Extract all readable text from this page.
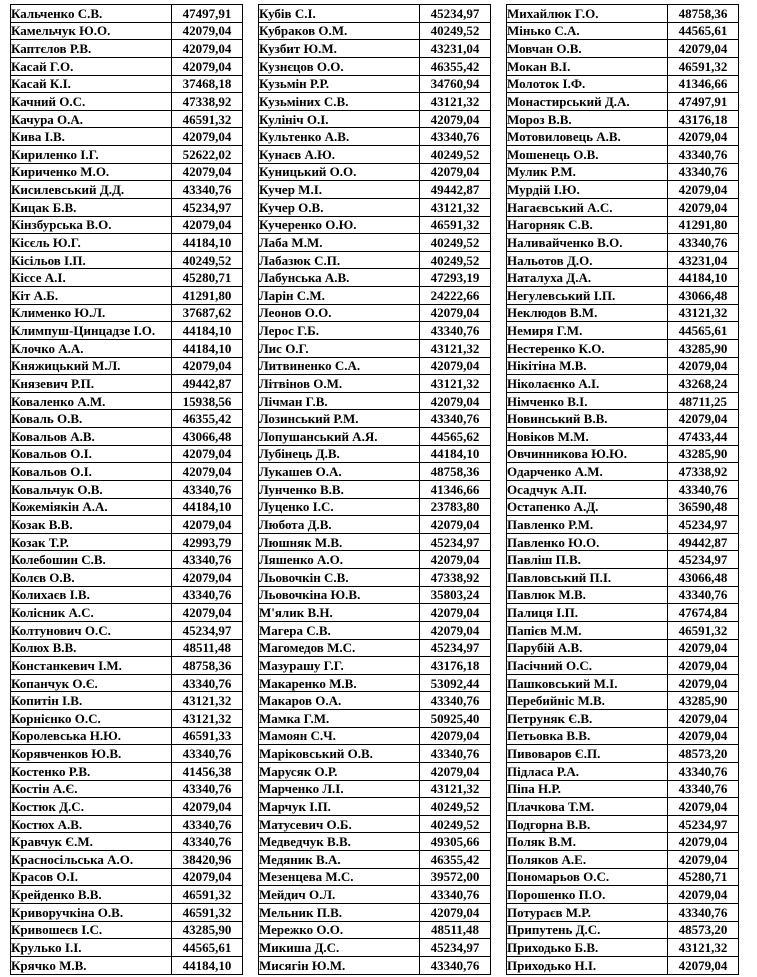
Кальченко С.В.	47497,91
Камельчук Ю.О.	42079,04
Каптєлов Р.В.	42079,04
Касай Г.О.	42079,04
Касай К.І.	37468,18
Качний О.С.	47338,92
Качура О.А.	46591,32
Кива І.В.	42079,04
Кириленко І.Г.	52622,02
Кириченко М.О.	42079,04
Кисилевський Д.Д.	43340,76
Кицак Б.В.	45234,97
Кінзбурська В.О.	42079,04
Кісєль Ю.Г.	44184,10
Кісільов І.П.	40249,52
Кіссе А.І.	45280,71
Кіт А.Б.	41291,80
Клименко Ю.Л.	37687,62
Климпуш-Цинцадзе І.О.	44184,10
Клочко А.А.	44184,10
Княжицький М.Л.	42079,04
Князевич Р.П.	49442,87
Коваленко А.М.	15938,56
Коваль О.В.	46355,42
Ковальов А.В.	43066,48
Ковальов О.І.	42079,04
Ковальов О.І.	42079,04
Ковальчук О.В.	43340,76
Кожеміякін А.А.	44184,10
Козак В.В.	42079,04
Козак Т.Р.	42993,79
Колебошин С.В.	43340,76
Колєв О.В.	42079,04
Колихаєв І.В.	43340,76
Колісник А.С.	42079,04
Колтунович О.С.	45234,97
Колюх В.В.	48511,48
Констанкевич І.М.	48758,36
Копанчук О.Є.	43340,76
Копитін І.В.	43121,32
Корнієнко О.С.	43121,32
Королевська Н.Ю.	46591,33
Корявченков Ю.В.	43340,76
Костенко Р.В.	41456,38
Костін А.Є.	43340,76
Костюк Д.С.	42079,04
Костюх А.В.	43340,76
Кравчук Є.М.	43340,76
Красносільська А.О.	38420,96
Красов О.І.	42079,04
Крейденко В.В.	46591,32
Криворучкіна О.В.	46591,32
Кривошеєв І.С.	43285,90
Крулько І.І.	44565,61
Крячко М.В.	44184,10
Кубів С.І.	45234,97
Кубраков О.М.	40249,52
Кузбит Ю.М.	43231,04
Кузнєцов О.О.	46355,42
Кузьмін Р.Р.	34760,94
Кузьміних С.В.	43121,32
Кулініч О.І.	42079,04
Культенко А.В.	43340,76
Кунаєв А.Ю.	40249,52
Куницький О.О.	42079,04
Кучер М.І.	49442,87
Кучер О.В.	43121,32
Кучеренко О.Ю.	46591,32
Лаба М.М.	40249,52
Лабазюк С.П.	40249,52
Лабунська А.В.	47293,19
Ларін С.М.	24222,66
Леонов О.О.	42079,04
Лерос Г.Б.	43340,76
Лис О.Г.	43121,32
Литвиненко С.А.	42079,04
Літвінов О.М.	43121,32
Лічман Г.В.	42079,04
Лозинський Р.М.	43340,76
Лопушанський А.Я.	44565,62
Лубінець Д.В.	44184,10
Лукашев О.А.	48758,36
Лунченко В.В.	41346,66
Луценко І.С.	23783,80
Любота Д.В.	42079,04
Люшняк М.В.	45234,97
Ляшенко А.О.	42079,04
Льовочкін С.В.	47338,92
Льовочкіна Ю.В.	35803,24
М'ялик В.Н.	42079,04
Магера С.В.	42079,04
Магомедов М.С.	45234,97
Мазурашу Г.Г.	43176,18
Макаренко М.В.	53092,44
Макаров О.А.	43340,76
Мамка Г.М.	50925,40
Мамоян С.Ч.	42079,04
Маріковський О.В.	43340,76
Марусяк О.Р.	42079,04
Марченко Л.І.	43121,32
Марчук І.П.	40249,52
Матусевич О.Б.	40249,52
Медведчук В.В.	49305,66
Медяник В.А.	46355,42
Мезенцева М.С.	39572,00
Мейдич О.Л.	43340,76
Мельник П.В.	42079,04
Мережко О.О.	48511,48
Микиша Д.С.	45234,97
Мисягін Ю.М.	43340,76
Михайлюк Г.О.	48758,36
Мінько С.А.	44565,61
Мовчан О.В.	42079,04
Мокан В.І.	46591,32
Молоток І.Ф.	41346,66
Монастирський Д.А.	47497,91
Мороз В.В.	43176,18
Мотовиловець А.В.	42079,04
Мошенець О.В.	43340,76
Мулик Р.М.	43340,76
Мурдій І.Ю.	42079,04
Нагаєвський А.С.	42079,04
Нагорняк С.В.	41291,80
Наливайченко В.О.	43340,76
Нальотов Д.О.	43231,04
Наталуха Д.А.	44184,10
Негулевський І.П.	43066,48
Неклюдов В.М.	43121,32
Немиря Г.М.	44565,61
Нестеренко К.О.	43285,90
Нікітіна М.В.	42079,04
Ніколаєнко А.І.	43268,24
Німченко В.І.	48711,25
Новинський В.В.	42079,04
Новіков М.М.	47433,44
Овчинникова Ю.Ю.	43285,90
Одарченко А.М.	47338,92
Осадчук А.П.	43340,76
Остапенко А.Д.	36590,48
Павленко Р.М.	45234,97
Павленко Ю.О.	49442,87
Павліш П.В.	45234,97
Павловський П.І.	43066,48
Павлюк М.В.	43340,76
Палиця І.П.	47674,84
Папієв М.М.	46591,32
Парубій А.В.	42079,04
Пасічний О.С.	42079,04
Пашковський М.І.	42079,04
Перебийніс М.В.	43285,90
Петруняк Є.В.	42079,04
Петьовка В.В.	42079,04
Пивоваров Є.П.	48573,20
Підласа Р.А.	43340,76
Піпа Н.Р.	43340,76
Плачкова Т.М.	42079,04
Подгорна В.В.	45234,97
Поляк В.М.	42079,04
Поляков А.Е.	42079,04
Пономарьов О.С.	45280,71
Порошенко П.О.	42079,04
Потураєв М.Р.	43340,76
Припутень Д.С.	48573,20
Приходько Б.В.	43121,32
Приходько Н.І.	42079,04
